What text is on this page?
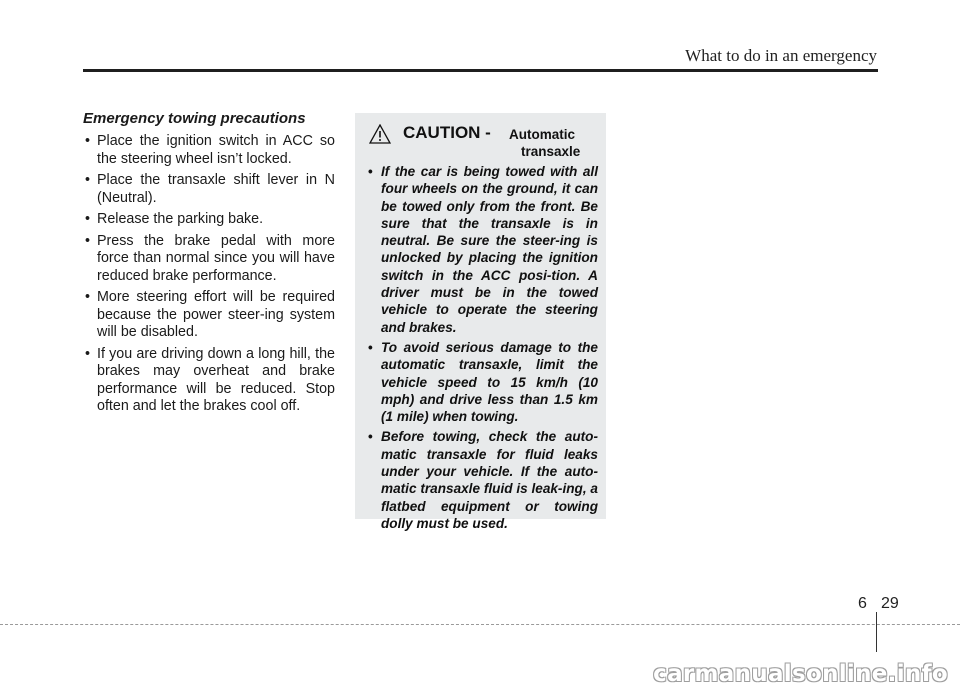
What to do in an emergency
Emergency towing precautions
• Place the ignition switch in ACC so the steering wheel isn’t locked.
• Place the transaxle shift lever in N (Neutral).
• Release the parking bake.
• Press the brake pedal with more force than normal since you will have reduced brake performance.
• More steering effort will be required because the power steer-ing system will be disabled.
• If you are driving down a long hill, the brakes may overheat and brake performance will be reduced. Stop often and let the brakes cool off.
CAUTION - Automatic
transaxle
• If the car is being towed with all four wheels on the ground, it can be towed only from the front. Be sure that the transaxle is in neutral. Be sure the steer-ing is unlocked by placing the ignition switch in the ACC posi-tion. A driver must be in the towed vehicle to operate the steering and brakes.
• To avoid serious damage to the automatic transaxle, limit the vehicle speed to 15 km/h (10 mph) and drive less than 1.5 km (1 mile) when towing.
• Before towing, check the auto-matic transaxle for fluid leaks under your vehicle. If the auto-matic transaxle fluid is leak-ing, a flatbed equipment or towing dolly must be used.
6 29
carmanualsonline.info
